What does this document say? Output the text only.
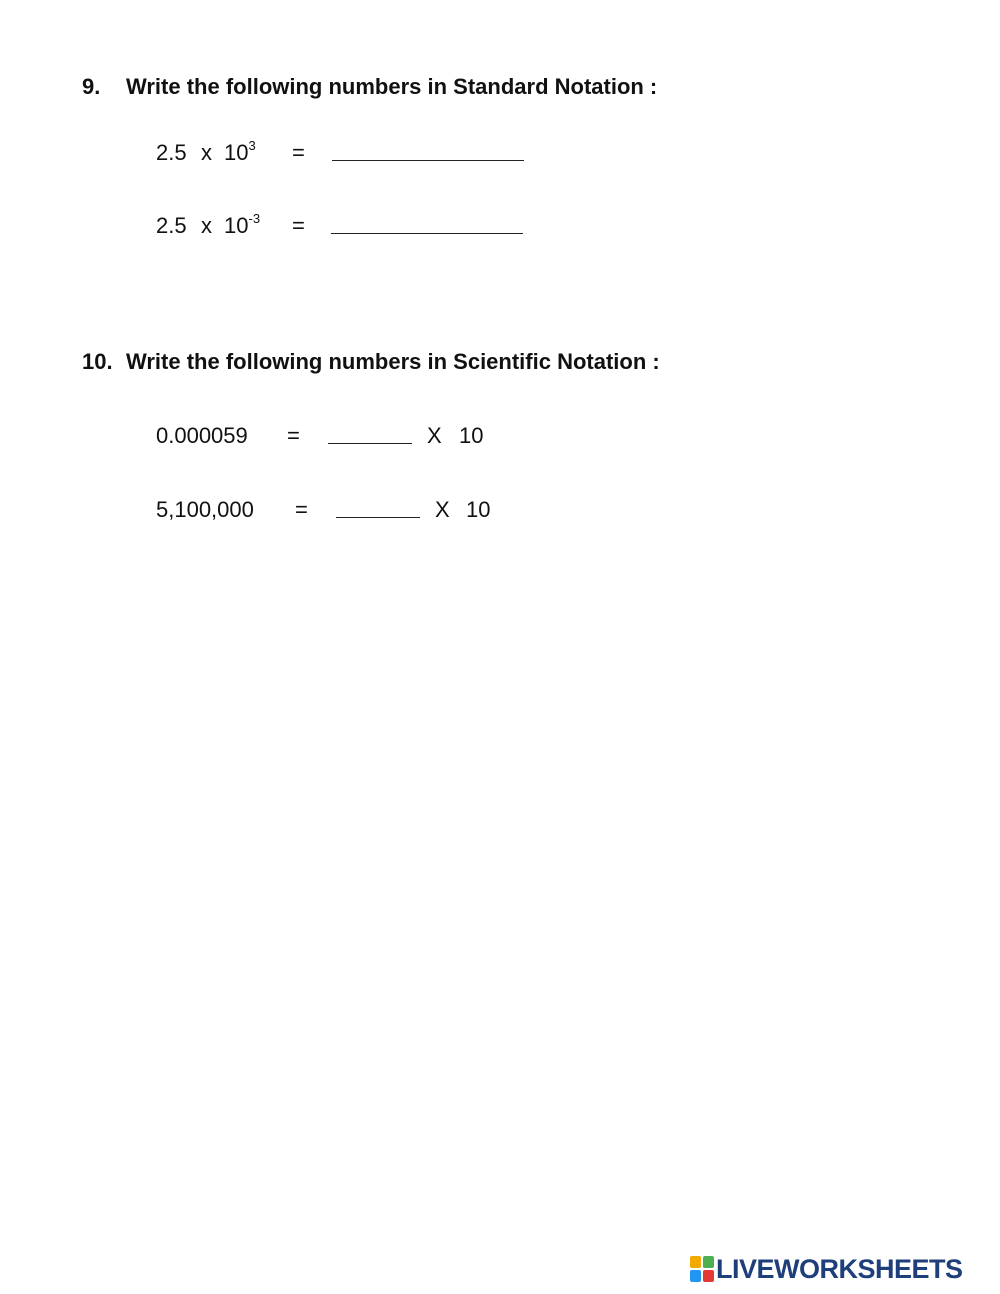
9. Write the following numbers in Standard Notation :
2.5 x $10^3$ =
2.5 x $10^{-3}$ =
10. Write the following numbers in Scientific Notation :
0.000059 =	X 10
5,100,000 =	X 10
LIVEWORKSHEETS
